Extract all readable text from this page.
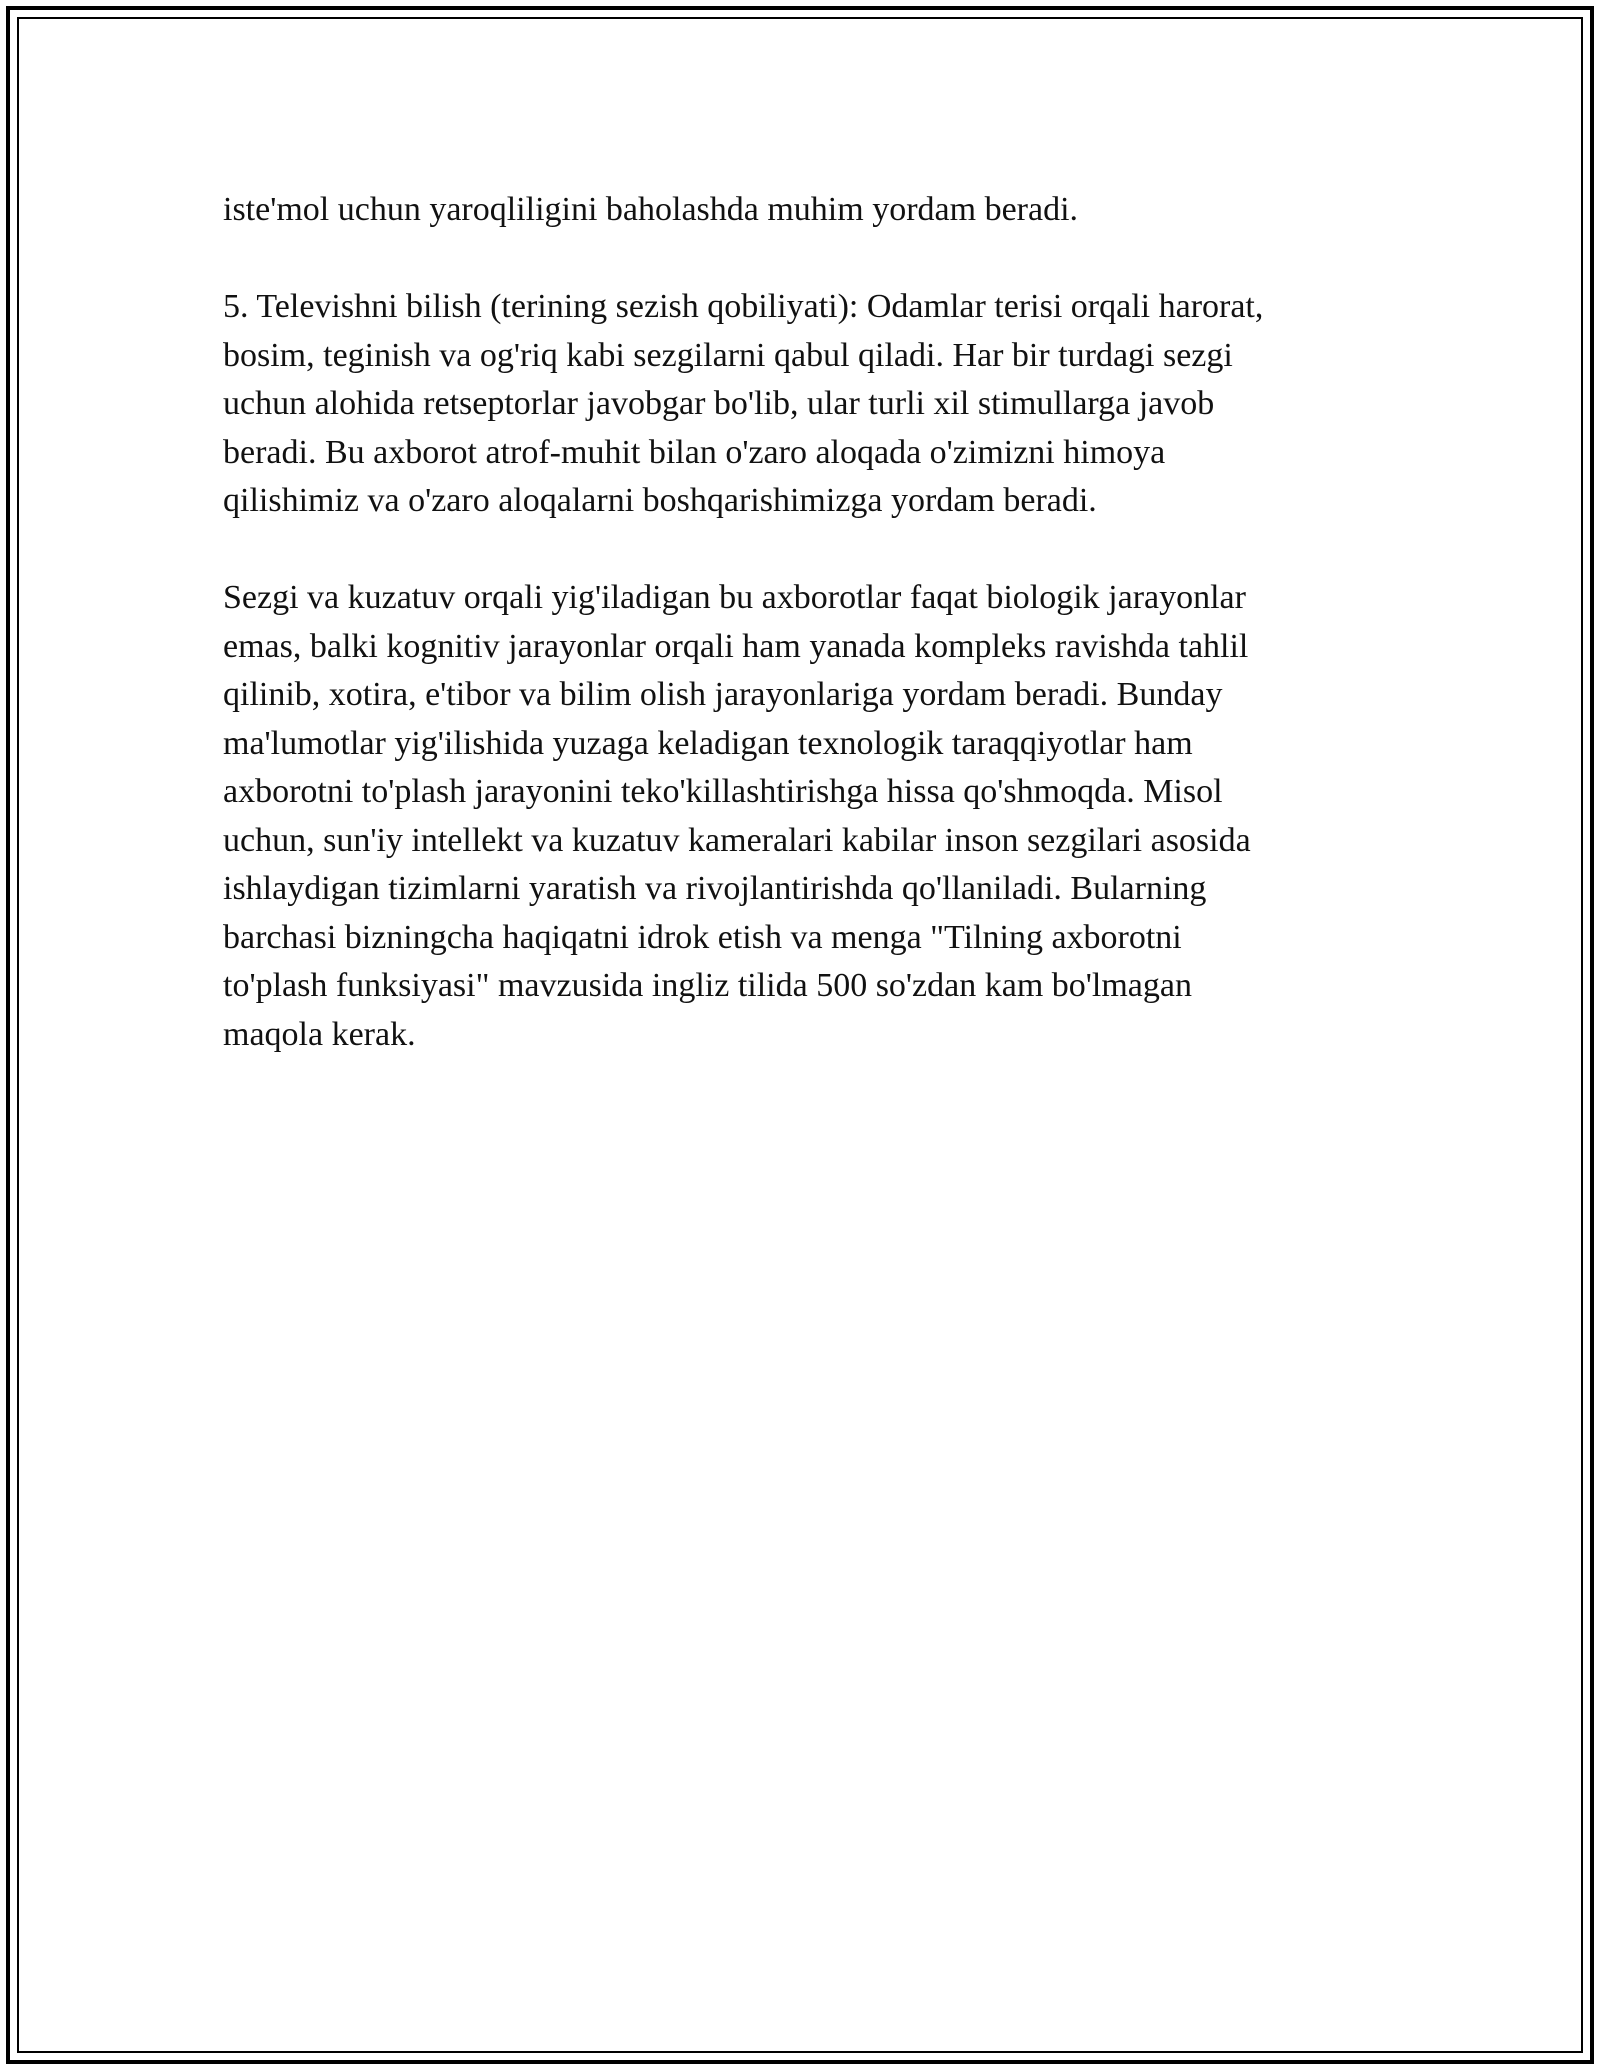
iste'mol uchun yaroqliligini baholashda muhim yordam beradi.

5. Televishni bilish (terining sezish qobiliyati): Odamlar terisi orqali harorat,
bosim, teginish va og'riq kabi sezgilarni qabul qiladi. Har bir turdagi sezgi
uchun alohida retseptorlar javobgar bo'lib, ular turli xil stimullarga javob
beradi. Bu axborot atrof-muhit bilan o'zaro aloqada o'zimizni himoya
qilishimiz va o'zaro aloqalarni boshqarishimizga yordam beradi.

Sezgi va kuzatuv orqali yig'iladigan bu axborotlar faqat biologik jarayonlar
emas, balki kognitiv jarayonlar orqali ham yanada kompleks ravishda tahlil
qilinib, xotira, e'tibor va bilim olish jarayonlariga yordam beradi. Bunday
ma'lumotlar yig'ilishida yuzaga keladigan texnologik taraqqiyotlar ham
axborotni to'plash jarayonini teko'killashtirishga hissa qo'shmoqda. Misol
uchun, sun'iy intellekt va kuzatuv kameralari kabilar inson sezgilari asosida
ishlaydigan tizimlarni yaratish va rivojlantirishda qo'llaniladi. Bularning
barchasi bizningcha haqiqatni idrok etish va menga "Tilning axborotni
to'plash funksiyasi" mavzusida ingliz tilida 500 so'zdan kam bo'lmagan
maqola kerak.
